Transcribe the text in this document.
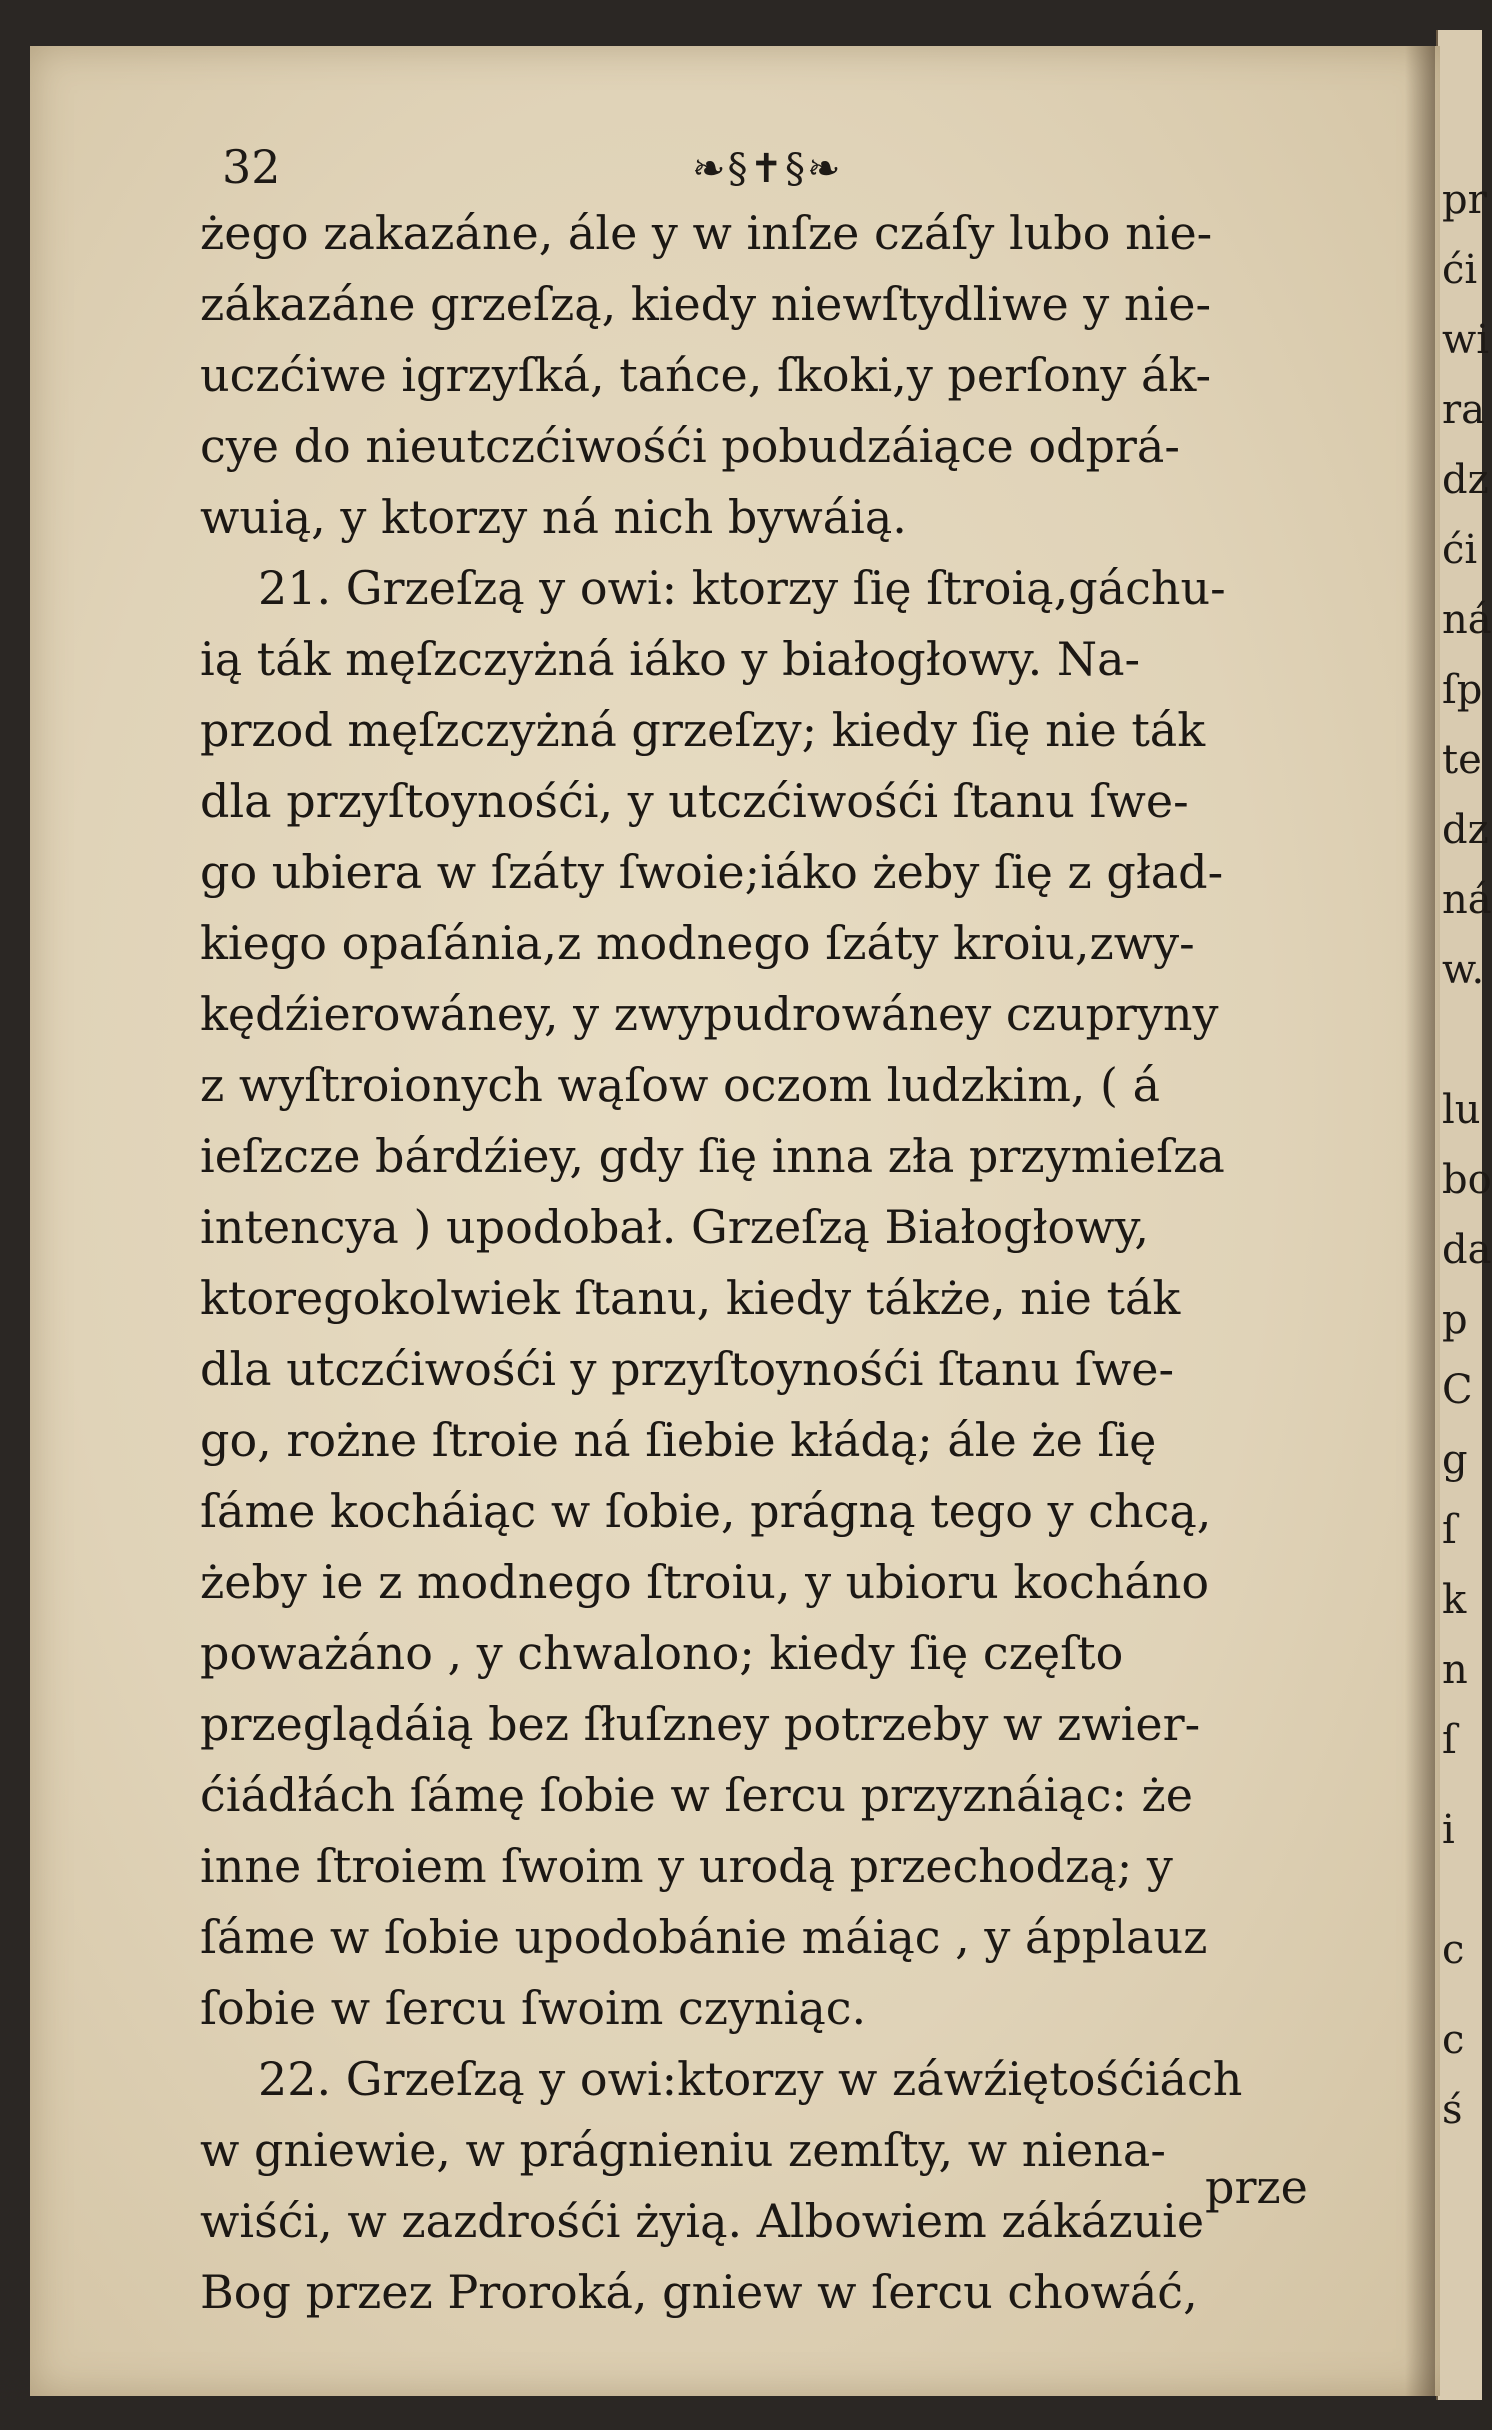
pr
ći
wi
ra
dz
ći
ná
ſp
te
dz
ná
w.
lu
bo
da
p
C
g
ſ
k
n
ſ
i
c
c
ś
32	❧§✝§❧
żego zakazáne, ále y w inſze czáſy lubo nie-
zákazáne grzeſzą, kiedy niewſtydliwe y nie-
uczćiwe igrzyſká, tańce, ſkoki,y perſony ák-
cye do nieutczćiwośći pobudzáiące odprá-
wuią, y ktorzy ná nich bywáią.
21. Grzeſzą y owi: ktorzy ſię ſtroią,gáchu-
ią ták męſzczyżná iáko y białogłowy. Na-
przod męſzczyżná grzeſzy; kiedy ſię nie ták
dla przyſtoynośći, y utczćiwośći ſtanu ſwe-
go ubiera w ſzáty ſwoie;iáko żeby ſię z gład-
kiego opaſánia,z modnego ſzáty kroiu,zwy-
kędźierowáney, y zwypudrowáney czupryny
z wyſtroionych wąſow oczom ludzkim, ( á
ieſzcze bárdźiey, gdy ſię inna zła przymieſza
intencya ) upodobał. Grzeſzą Białogłowy,
ktoregokolwiek ſtanu, kiedy tákże, nie ták
dla utczćiwośći y przyſtoynośći ſtanu ſwe-
go, rożne ſtroie ná ſiebie kłádą; ále że ſię
ſáme kocháiąc w ſobie, prágną tego y chcą,
żeby ie z modnego ſtroiu, y ubioru kocháno
poważáno , y chwalono; kiedy ſię częſto
przeglądáią bez ſłuſzney potrzeby w zwier-
ćiádłách ſámę ſobie w ſercu przyznáiąc: że
inne ſtroiem ſwoim y urodą przechodzą; y
ſáme w ſobie upodobánie máiąc , y ápplauz
ſobie w ſercu ſwoim czyniąc.
22. Grzeſzą y owi:ktorzy w záwźiętośćiách
w gniewie, w prágnieniu zemſty, w niena-
wiśći, w zazdrośći żyią. Albowiem zákázuie
Bog przez Proroká, gniew w ſercu chowáć,
prze
